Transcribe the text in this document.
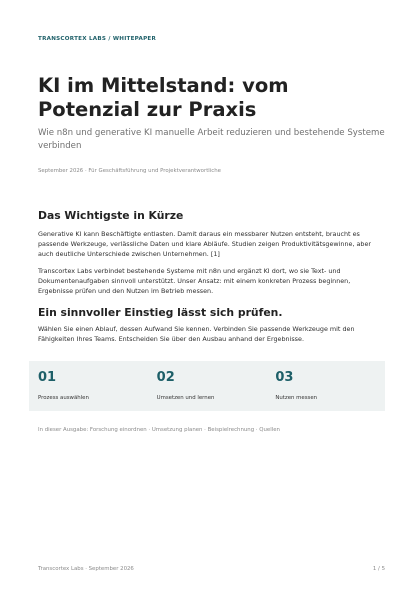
TRANSCORTEX LABS / WHITEPAPER
KI im Mittelstand: vom Potenzial zur Praxis

Wie n8n und generative KI manuelle Arbeit reduzieren und bestehende Systeme verbinden

September 2026 · Für Geschäftsführung und Projektverantwortliche
Das Wichtigste in Kürze

Generative KI kann Beschäftigte entlasten. Damit daraus ein messbarer Nutzen entsteht, braucht es passende Werkzeuge, verlässliche Daten und klare Abläufe. Studien zeigen Produktivitätsgewinne, aber auch deutliche Unterschiede zwischen Unternehmen. [1]

Transcortex Labs verbindet bestehende Systeme mit n8n und ergänzt KI dort, wo sie Text- und Dokumentenaufgaben sinnvoll unterstützt. Unser Ansatz: mit einem konkreten Prozess beginnen, Ergebnisse prüfen und den Nutzen im Betrieb messen.

Ein sinnvoller Einstieg lässt sich prüfen.

Wählen Sie einen Ablauf, dessen Aufwand Sie kennen. Verbinden Sie passende Werkzeuge mit den Fähigkeiten Ihres Teams. Entscheiden Sie über den Ausbau anhand der Ergebnisse.

01
Prozess auswählen
02
Umsetzen und lernen
03
Nutzen messen
In dieser Ausgabe: Forschung einordnen · Umsetzung planen · Beispielrechnung · Quellen
Transcortex Labs · September 2026	1 / 5
